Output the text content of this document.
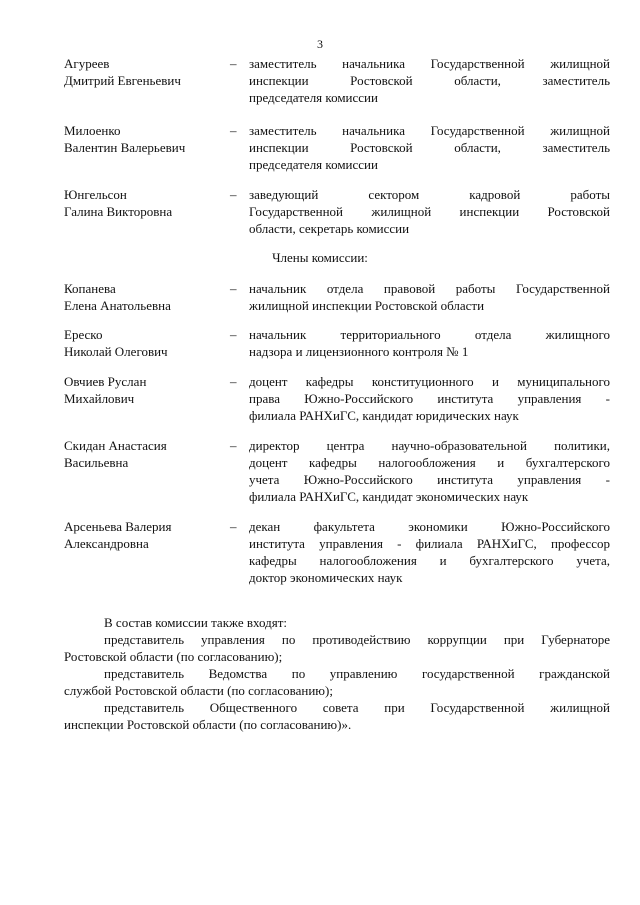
3
Агуреев
Дмитрий Евгеньевич
– заместитель начальника Государственной жилищной
инспекции Ростовской области, заместитель
председателя комиссии
Милоенко
Валентин Валерьевич
– заместитель начальника Государственной жилищной
инспекции Ростовской области, заместитель
председателя комиссии
Юнгельсон
Галина Викторовна
– заведующий сектором кадровой работы
Государственной жилищной инспекции Ростовской
области, секретарь комиссии
Члены комиссии:
Копанева
Елена Анатольевна
– начальник отдела правовой работы Государственной
жилищной инспекции Ростовской области
Ереско
Николай Олегович
– начальник территориального отдела жилищного
надзора и лицензионного контроля № 1
Овчиев Руслан
Михайлович
– доцент кафедры конституционного и муниципального
права Южно-Российского института управления -
филиала РАНХиГС, кандидат юридических наук
Скидан Анастасия
Васильевна
– директор центра научно-образовательной политики,
доцент кафедры налогообложения и бухгалтерского
учета Южно-Российского института управления -
филиала РАНХиГС, кандидат экономических наук
Арсеньева Валерия
Александровна
– декан факультета экономики Южно-Российского
института управления - филиала РАНХиГС, профессор
кафедры налогообложения и бухгалтерского учета,
доктор экономических наук
В состав комиссии также входят:
представитель управления по противодействию коррупции при Губернаторе
Ростовской области (по согласованию);
представитель Ведомства по управлению государственной гражданской
службой Ростовской области (по согласованию);
представитель Общественного совета при Государственной жилищной
инспекции Ростовской области (по согласованию)».
